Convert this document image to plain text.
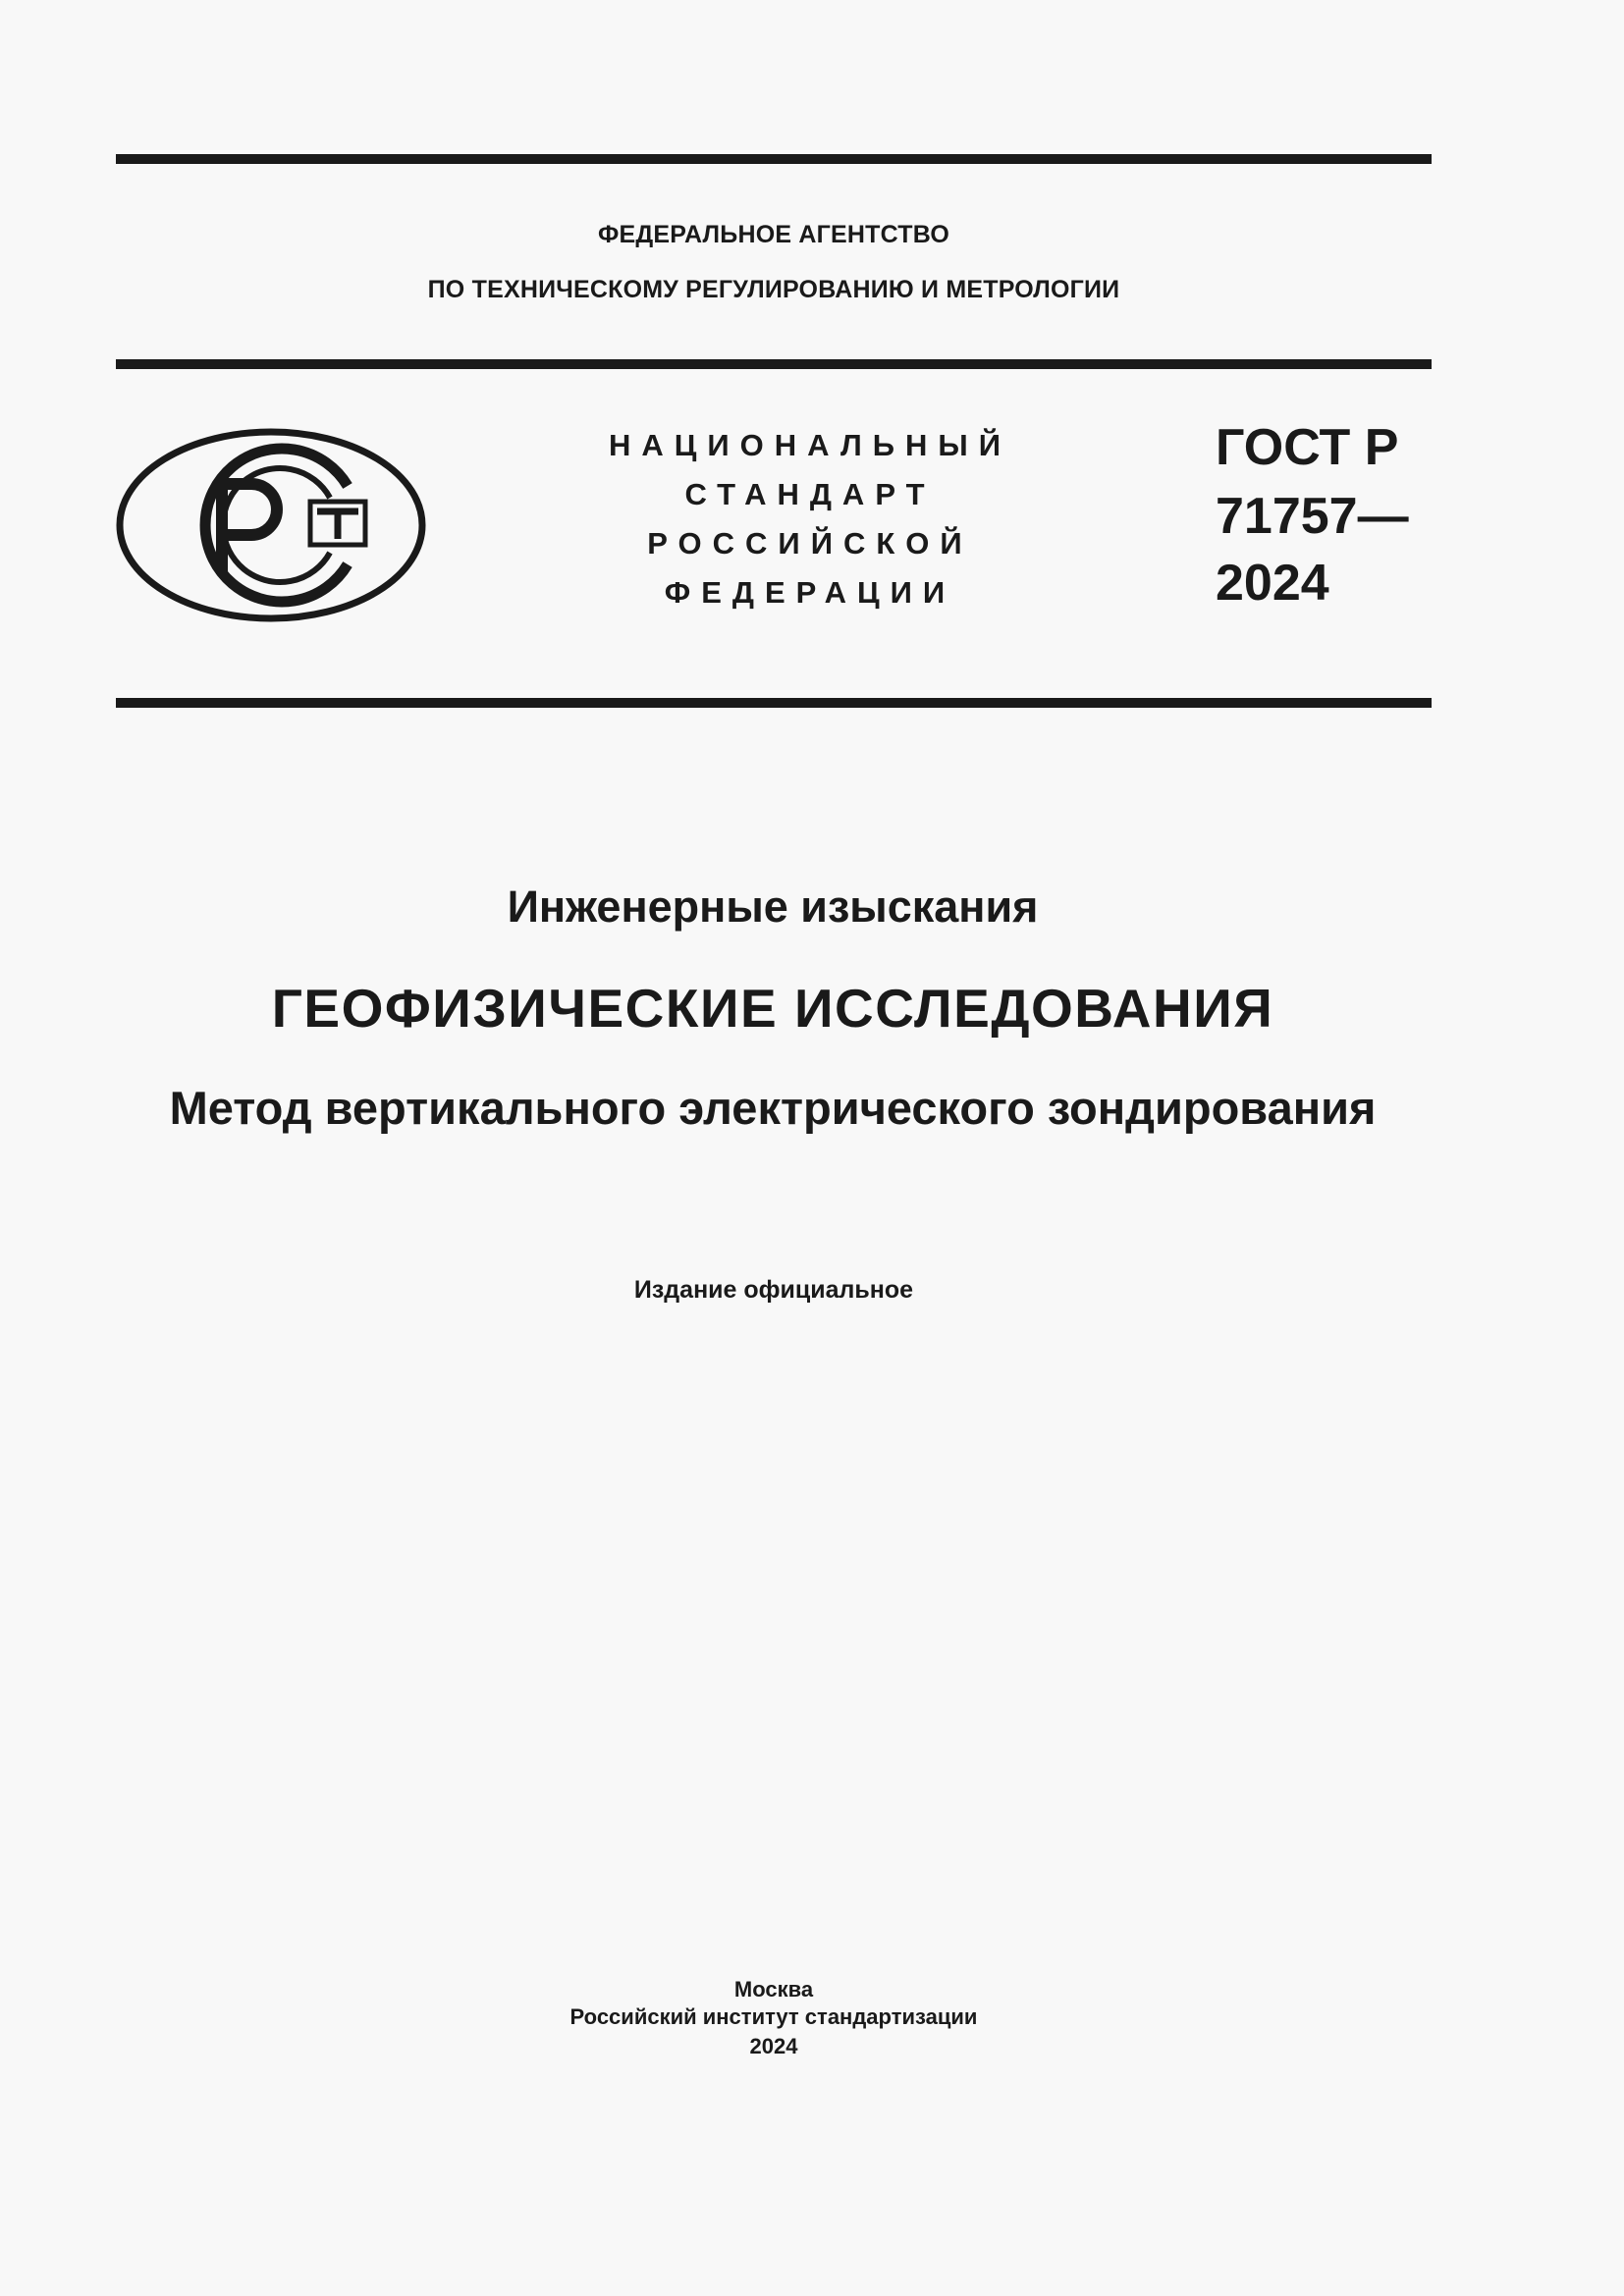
ФЕДЕРАЛЬНОЕ АГЕНТСТВО
ПО ТЕХНИЧЕСКОМУ РЕГУЛИРОВАНИЮ И МЕТРОЛОГИИ
НАЦИОНАЛЬНЫЙ
СТАНДАРТ
РОССИЙСКОЙ
ФЕДЕРАЦИИ
ГОСТ Р
71757—
2024
Инженерные изыскания
ГЕОФИЗИЧЕСКИЕ ИССЛЕДОВАНИЯ
Метод вертикального электрического зондирования
Издание официальное
Москва
Российский институт стандартизации
2024
